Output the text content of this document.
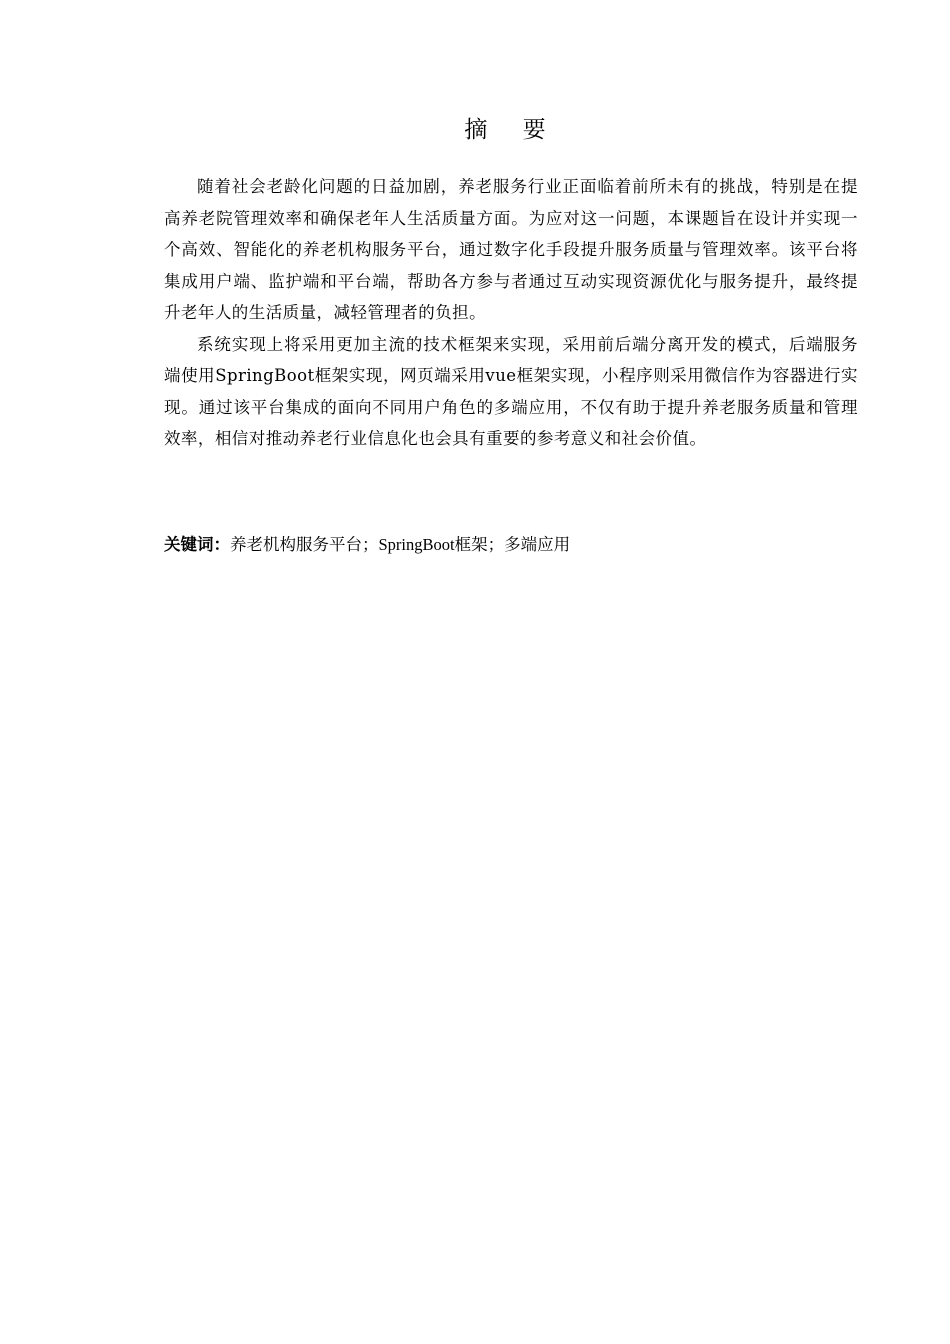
摘 要

随着社会老龄化问题的日益加剧，养老服务行业正面临着前所未有的挑战，特别是在提高养老院管理效率和确保老年人生活质量方面。为应对这一问题，本课题旨在设计并实现一个高效、智能化的养老机构服务平台，通过数字化手段提升服务质量与管理效率。该平台将集成用户端、监护端和平台端，帮助各方参与者通过互动实现资源优化与服务提升，最终提升老年人的生活质量，减轻管理者的负担。

系统实现上将采用更加主流的技术框架来实现，采用前后端分离开发的模式，后端服务端使用SpringBoot框架实现，网页端采用vue框架实现，小程序则采用微信作为容器进行实现。通过该平台集成的面向不同用户角色的多端应用，不仅有助于提升养老服务质量和管理效率，相信对推动养老行业信息化也会具有重要的参考意义和社会价值。

关键词：养老机构服务平台；SpringBoot框架；多端应用
